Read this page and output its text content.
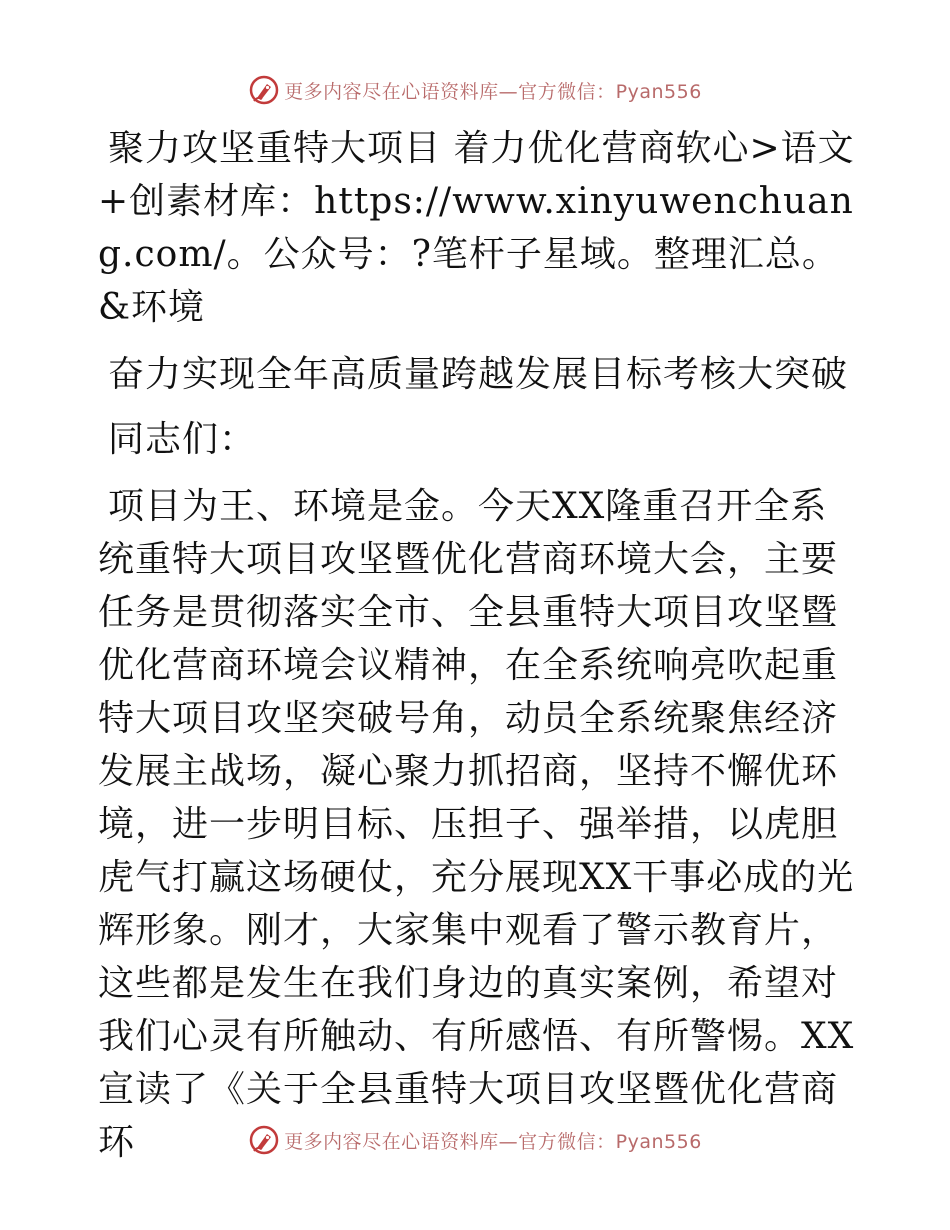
更多内容尽在心语资料库—官方微信：Pyan556

聚力攻坚重特大项目 着力优化营商软心>语文+创素材库：https://www.xinyuwenchuang.com/。公众号：?笔杆子星域。整理汇总。&环境

奋力实现全年高质量跨越发展目标考核大突破

同志们：

项目为王、环境是金。今天XX隆重召开全系统重特大项目攻坚暨优化营商环境大会，主要任务是贯彻落实全市、全县重特大项目攻坚暨优化营商环境会议精神，在全系统响亮吹起重特大项目攻坚突破号角，动员全系统聚焦经济发展主战场，凝心聚力抓招商，坚持不懈优环境，进一步明目标、压担子、强举措，以虎胆虎气打赢这场硬仗，充分展现XX干事必成的光辉形象。刚才，大家集中观看了警示教育片，这些都是发生在我们身边的真实案例，希望对我们心灵有所触动、有所感悟、有所警惕。XX宣读了《关于全县重特大项目攻坚暨优化营商环	更多内容尽在心语资料库—官方微信：Pyan556
